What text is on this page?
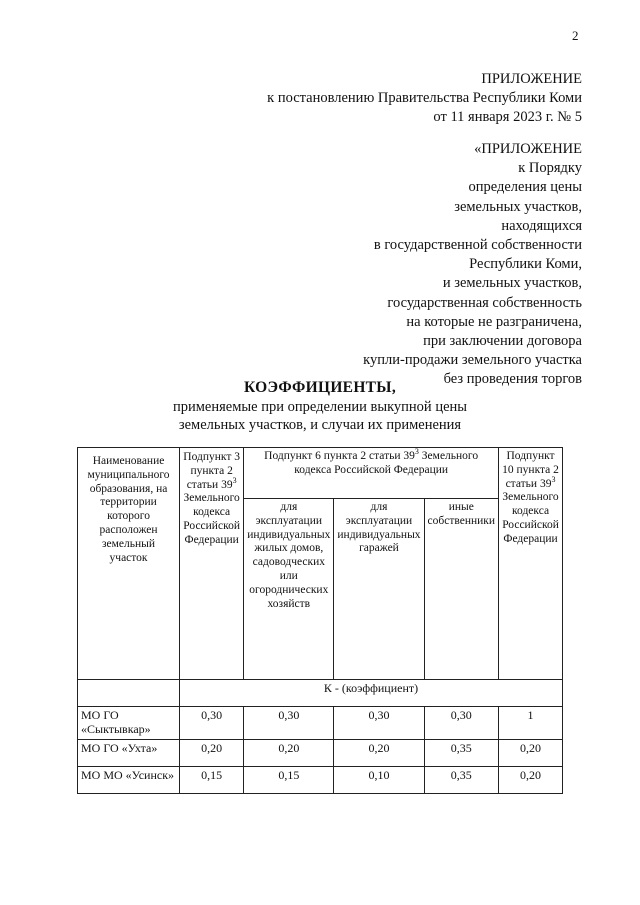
2
ПРИЛОЖЕНИЕ
к постановлению Правительства Республики Коми
от 11 января 2023 г. № 5
«ПРИЛОЖЕНИЕ
к Порядку
определения цены
земельных участков,
находящихся
в государственной собственности
Республики Коми,
и земельных участков,
государственная собственность
на которые не разграничена,
при заключении договора
купли-продажи земельного участка
без проведения торгов
КОЭФФИЦИЕНТЫ,
применяемые при определении выкупной цены
земельных участков, и случаи их применения
Наименование муниципального образования, на территории которого расположен земельный участок	Подпункт 3 пункта 2 статьи $39^3$ Земельного кодекса Российской Федерации	Подпункт 6 пункта 2 статьи $39^3$ Земельного кодекса Российской Федерации			Подпункт 10 пункта 2 статьи $39^3$ Земельного кодекса Российской Федерации
		для эксплуатации индивидуальных жилых домов, садоводческих или огороднических хозяйств	для эксплуатации индивидуальных гаражей	иные собственники	
	К - (коэффициент)				
МО ГО «Сыктывкар»	0,30	0,30	0,30	0,30	1
МО ГО «Ухта»	0,20	0,20	0,20	0,35	0,20
МО МО «Усинск»	0,15	0,15	0,10	0,35	0,20
